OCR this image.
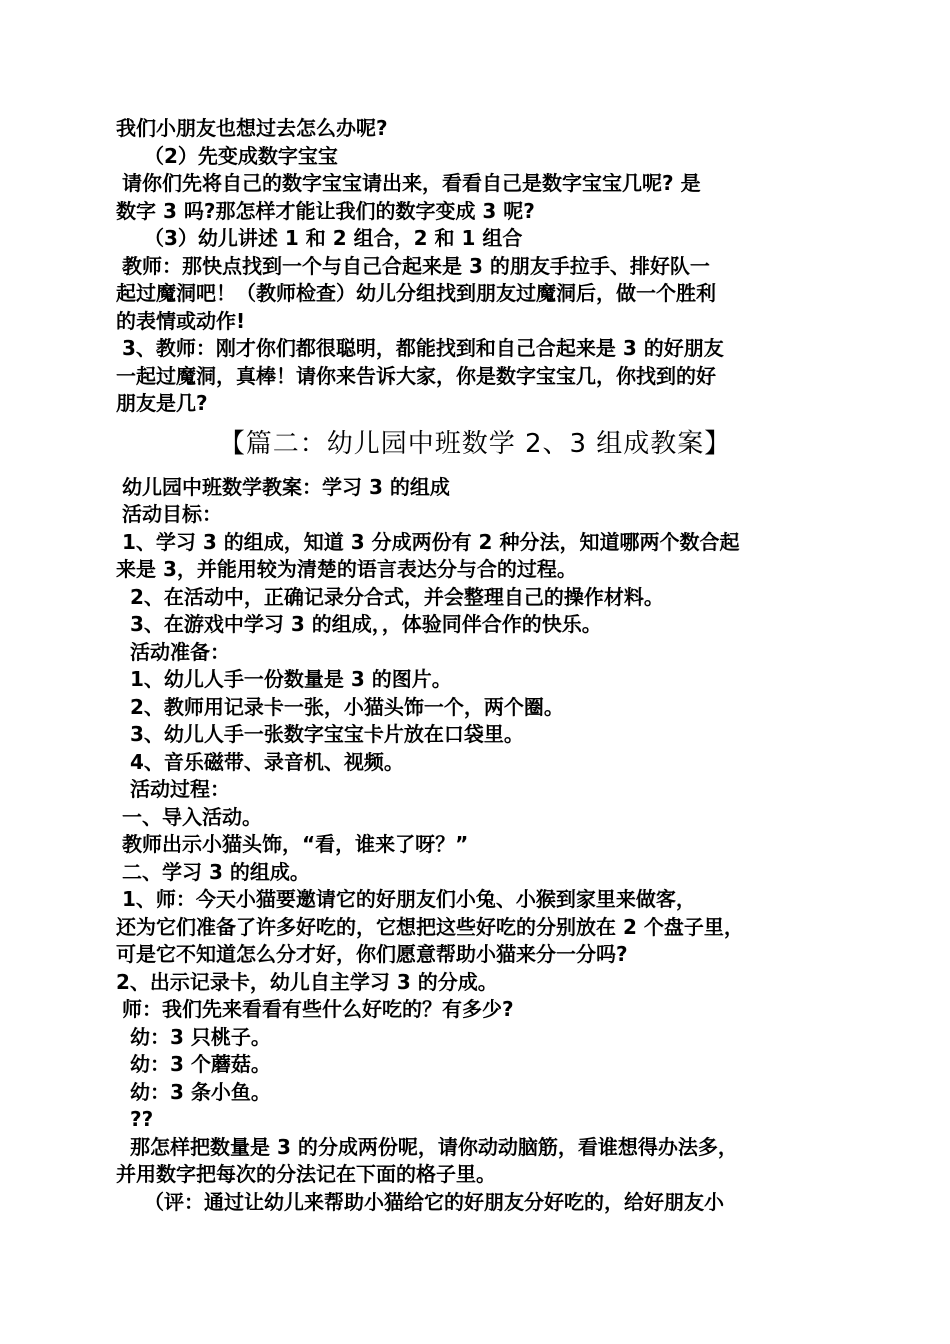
我们小朋友也想过去怎么办呢?

（2）先变成数字宝宝

请你们先将自己的数字宝宝请出来，看看自己是数字宝宝几呢? 是

数字 3 吗?那怎样才能让我们的数字变成 3 呢?

（3）幼儿讲述 1 和 2 组合，2 和 1 组合

教师：那快点找到一个与自己合起来是 3 的朋友手拉手、排好队一

起过魔洞吧！（教师检查）幼儿分组找到朋友过魔洞后，做一个胜利

的表情或动作!

3、教师：刚才你们都很聪明，都能找到和自己合起来是 3 的好朋友

一起过魔洞，真棒！请你来告诉大家，你是数字宝宝几，你找到的好

朋友是几?

【篇二：幼儿园中班数学 2、3 组成教案】

幼儿园中班数学教案：学习 3 的组成

活动目标：

1、学习 3 的组成，知道 3 分成两份有 2 种分法，知道哪两个数合起

来是 3，并能用较为清楚的语言表达分与合的过程。

2、在活动中，正确记录分合式，并会整理自己的操作材料。

3、在游戏中学习 3 的组成，，体验同伴合作的快乐。

活动准备：

1、幼儿人手一份数量是 3 的图片。

2、教师用记录卡一张，小猫头饰一个，两个圈。

3、幼儿人手一张数字宝宝卡片放在口袋里。

4、音乐磁带、录音机、视频。

活动过程：

一、导入活动。

教师出示小猫头饰，“看，谁来了呀？”

二、学习 3 的组成。

1、师：今天小猫要邀请它的好朋友们小兔、小猴到家里来做客，

还为它们准备了许多好吃的，它想把这些好吃的分别放在 2 个盘子里，

可是它不知道怎么分才好，你们愿意帮助小猫来分一分吗?

2、出示记录卡，幼儿自主学习 3 的分成。

师：我们先来看看有些什么好吃的？有多少?

幼：3 只桃子。

幼：3 个蘑菇。

幼：3 条小鱼。

??

那怎样把数量是 3 的分成两份呢，请你动动脑筋，看谁想得办法多，

并用数字把每次的分法记在下面的格子里。

（评：通过让幼儿来帮助小猫给它的好朋友分好吃的，给好朋友小
